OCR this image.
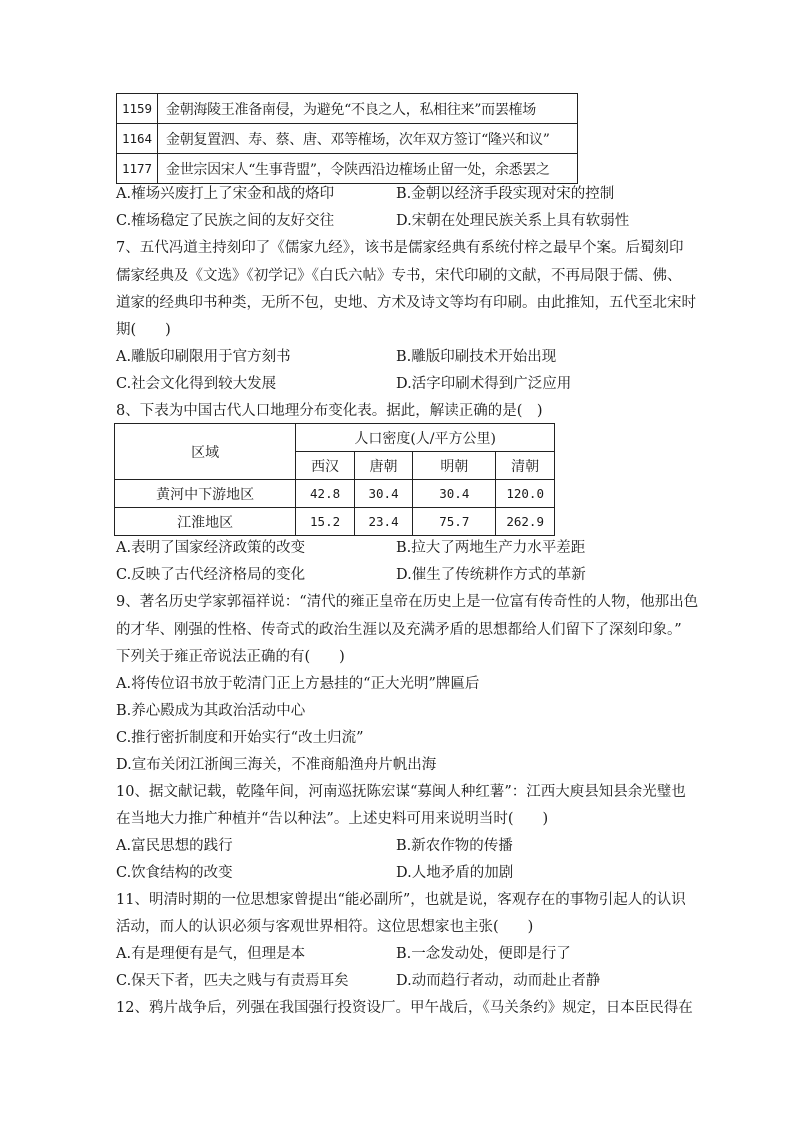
1159	金朝海陵王准备南侵，为避免“不良之人，私相往来”而罢榷场
1164	金朝复置泗、寿、蔡、唐、邓等榷场，次年双方签订“隆兴和议”
1177	金世宗因宋人“生事背盟”，令陕西沿边榷场止留一处，余悉罢之
A.榷场兴废打上了宋金和战的烙印	B.金朝以经济手段实现对宋的控制
C.榷场稳定了民族之间的友好交往	D.宋朝在处理民族关系上具有软弱性
7、五代冯道主持刻印了《儒家九经》，该书是儒家经典有系统付梓之最早个案。后蜀刻印
儒家经典及《文选》《初学记》《白氏六帖》专书，宋代印刷的文献，不再局限于儒、佛、
道家的经典印书种类，无所不包，史地、方术及诗文等均有印刷。由此推知，五代至北宋时
期(　　)
A.雕版印刷限用于官方刻书	B.雕版印刷技术开始出现
C.社会文化得到较大发展	D.活字印刷术得到广泛应用
8、下表为中国古代人口地理分布变化表。据此，解读正确的是(　)
区域	人口密度(人/平方公里)			
	西汉	唐朝	明朝	清朝
黄河中下游地区	42.8	30.4	30.4	120.0
江淮地区	15.2	23.4	75.7	262.9
A.表明了国家经济政策的改变	B.拉大了两地生产力水平差距
C.反映了古代经济格局的变化	D.催生了传统耕作方式的革新
9、著名历史学家郭福祥说：“清代的雍正皇帝在历史上是一位富有传奇性的人物，他那出色
的才华、刚强的性格、传奇式的政治生涯以及充满矛盾的思想都给人们留下了深刻印象。”
下列关于雍正帝说法正确的有(　　)
A.将传位诏书放于乾清门正上方悬挂的“正大光明”牌匾后
B.养心殿成为其政治活动中心
C.推行密折制度和开始实行“改土归流”
D.宣布关闭江浙闽三海关，不准商船渔舟片帆出海
10、据文献记载，乾隆年间，河南巡抚陈宏谋“募闽人种红薯”：江西大庾县知县余光璧也
在当地大力推广种植并“告以种法”。上述史料可用来说明当时(　　)
A.富民思想的践行	B.新农作物的传播
C.饮食结构的改变	D.人地矛盾的加剧
11、明清时期的一位思想家曾提出“能必副所”，也就是说，客观存在的事物引起人的认识
活动，而人的认识必须与客观世界相符。这位思想家也主张(　　)
A.有是理便有是气，但理是本	B.一念发动处，便即是行了
C.保天下者，匹夫之贱与有责焉耳矣	D.动而趋行者动，动而赴止者静
12、鸦片战争后，列强在我国强行投资设厂。甲午战后，《马关条约》规定，日本臣民得在
